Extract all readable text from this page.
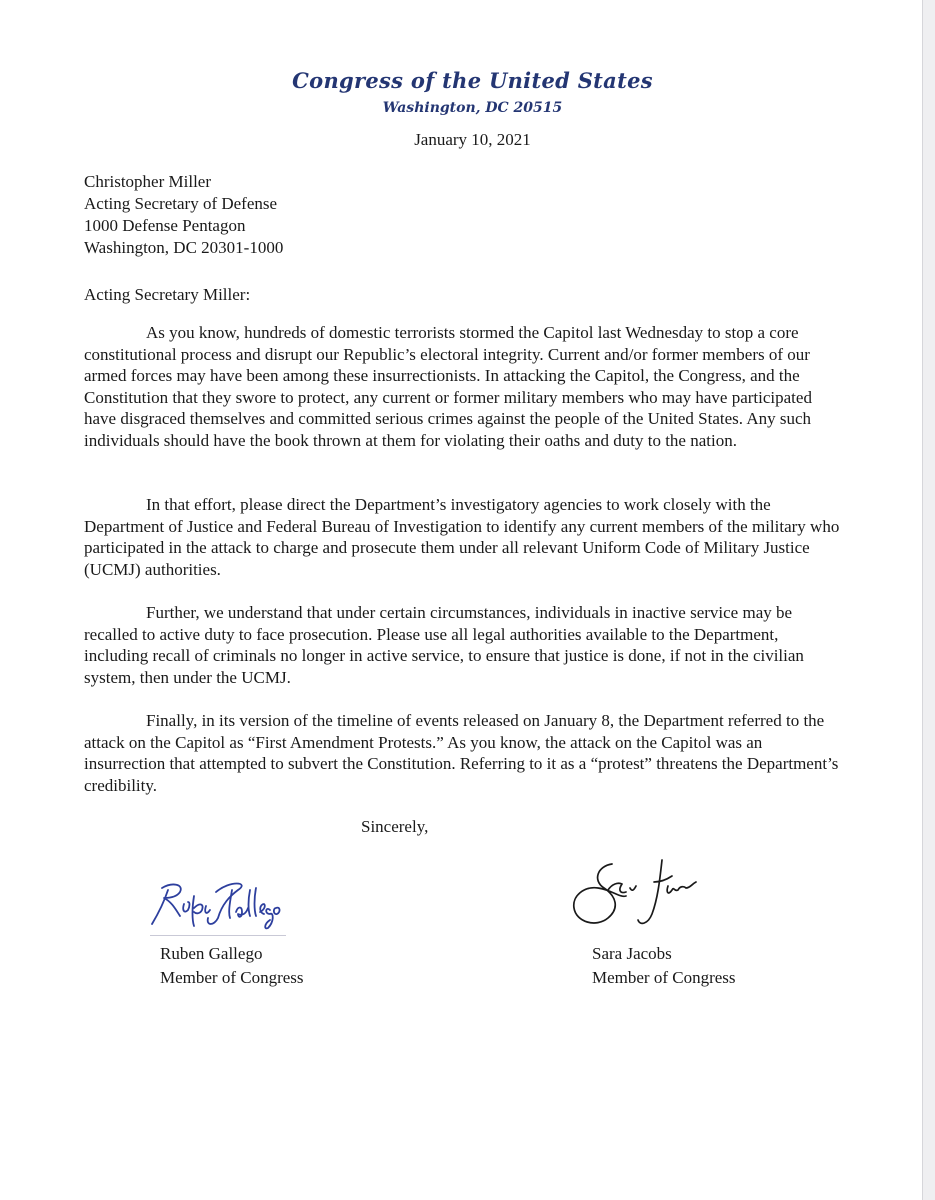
Congress of the United States
Washington, DC 20515
January 10, 2021
Christopher Miller
Acting Secretary of Defense
1000 Defense Pentagon
Washington, DC 20301-1000
Acting Secretary Miller:

As you know, hundreds of domestic terrorists stormed the Capitol last Wednesday to stop a core constitutional process and disrupt our Republic’s electoral integrity. Current and/or former members of our armed forces may have been among these insurrectionists. In attacking the Capitol, the Congress, and the Constitution that they swore to protect, any current or former military members who may have participated have disgraced themselves and committed serious crimes against the people of the United States. Any such individuals should have the book thrown at them for violating their oaths and duty to the nation.

In that effort, please direct the Department’s investigatory agencies to work closely with the Department of Justice and Federal Bureau of Investigation to identify any current members of the military who participated in the attack to charge and prosecute them under all relevant Uniform Code of Military Justice (UCMJ) authorities.

Further, we understand that under certain circumstances, individuals in inactive service may be recalled to active duty to face prosecution. Please use all legal authorities available to the Department, including recall of criminals no longer in active service, to ensure that justice is done, if not in the civilian system, then under the UCMJ.

Finally, in its version of the timeline of events released on January 8, the Department referred to the attack on the Capitol as “First Amendment Protests.” As you know, the attack on the Capitol was an insurrection that attempted to subvert the Constitution. Referring to it as a “protest” threatens the Department’s credibility.

Sincerely,
Ruben Gallego
Member of Congress
Sara Jacobs
Member of Congress
